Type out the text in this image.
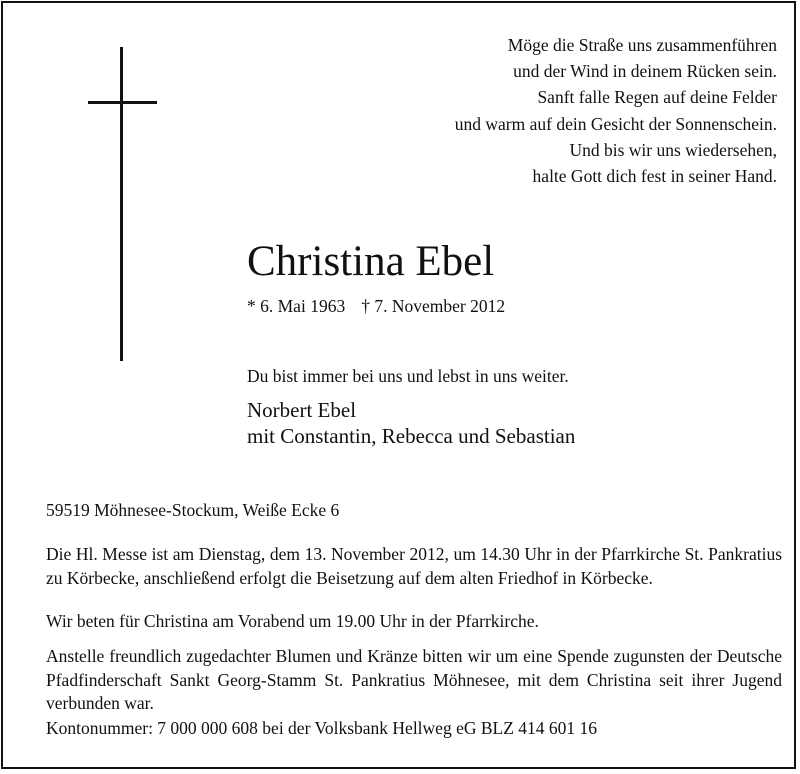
Möge die Straße uns zusammenführen
und der Wind in deinem Rücken sein.
Sanft falle Regen auf deine Felder
und warm auf dein Gesicht der Sonnenschein.
Und bis wir uns wiedersehen,
halte Gott dich fest in seiner Hand.
Christina Ebel
* 6. Mai 1963 † 7. November 2012
Du bist immer bei uns und lebst in uns weiter.
Norbert Ebel
mit Constantin, Rebecca und Sebastian
59519 Möhnesee-Stockum, Weiße Ecke 6
Die Hl. Messe ist am Dienstag, dem 13. November 2012, um 14.30 Uhr in der Pfarrkirche St. Pankratius zu Körbecke, anschließend erfolgt die Beisetzung auf dem alten Friedhof in Körbecke.
Wir beten für Christina am Vorabend um 19.00 Uhr in der Pfarrkirche.
Anstelle freundlich zugedachter Blumen und Kränze bitten wir um eine Spende zugunsten der Deutsche Pfadfinderschaft Sankt Georg-Stamm St. Pankratius Möhnesee, mit dem Christina seit ihrer Jugend verbunden war.
Kontonummer: 7 000 000 608 bei der Volksbank Hellweg eG BLZ 414 601 16
